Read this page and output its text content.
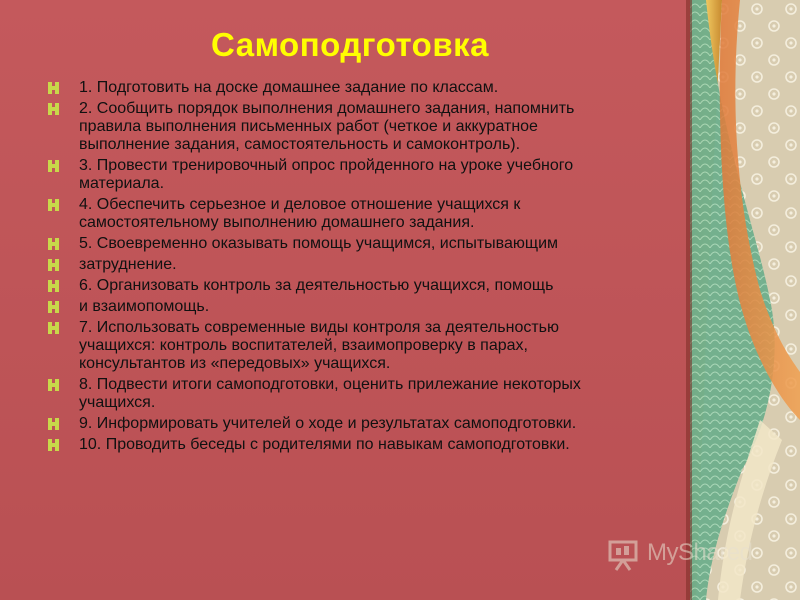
Самоподготовка
1. Подготовить на доске домашнее задание по классам.
2. Сообщить порядок выполнения домашнего задания, напомнить
правила выполнения письменных работ (четкое и аккуратное
выполнение задания, самостоятельность и самоконтроль).
3. Провести тренировочный опрос пройденного на уроке учебного
материала.
4. Обеспечить серьезное и деловое отношение учащихся к
самостоятельному выполнению домашнего задания.
5. Своевременно оказывать помощь учащимся, испытывающим
затруднение.
6. Организовать контроль за деятельностью учащихся, помощь
и взаимопомощь.
7. Использовать современные виды контроля за деятельностью
учащихся: контроль воспитателей, взаимопроверку в парах,
консультантов из «передовых» учащихся.
8. Подвести итоги самоподготовки, оценить прилежание некоторых
учащихся.
9. Информировать учителей о ходе и результатах самоподготовки.
10. Проводить беседы с родителями по навыкам самоподготовки.
MyShared
